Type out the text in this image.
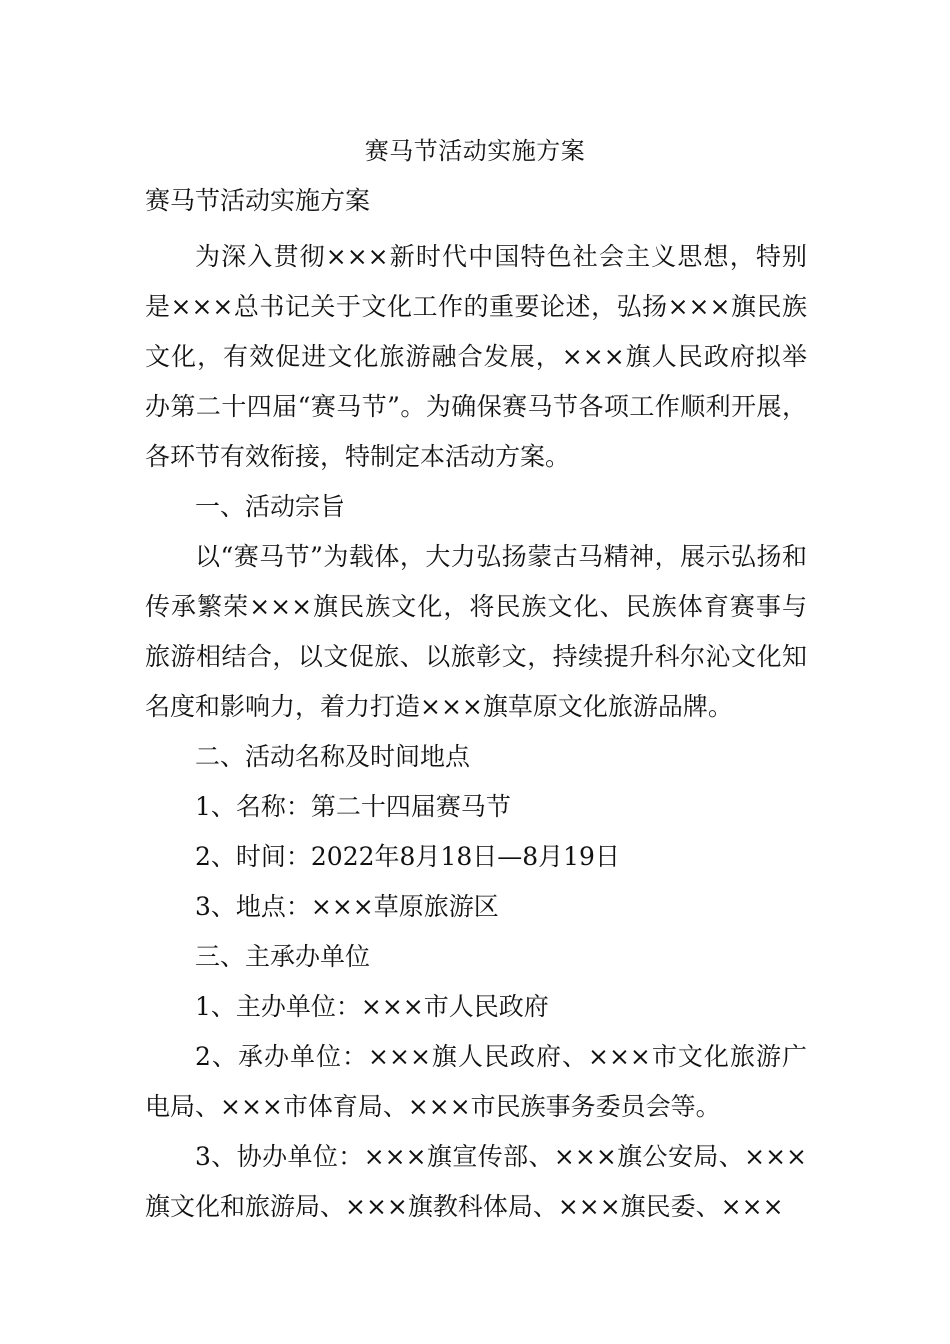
赛马节活动实施方案
赛马节活动实施方案

为深入贯彻×××新时代中国特色社会主义思想，特别是×××总书记关于文化工作的重要论述，弘扬×××旗民族文化，有效促进文化旅游融合发展，×××旗人民政府拟举办第二十四届“赛马节”。为确保赛马节各项工作顺利开展，各环节有效衔接，特制定本活动方案。

一、活动宗旨

以“赛马节”为载体，大力弘扬蒙古马精神，展示弘扬和传承繁荣×××旗民族文化，将民族文化、民族体育赛事与旅游相结合，以文促旅、以旅彰文，持续提升科尔沁文化知名度和影响力，着力打造×××旗草原文化旅游品牌。

二、活动名称及时间地点

1、名称：第二十四届赛马节

2、时间：2022年8月18日—8月19日

3、地点：×××草原旅游区

三、主承办单位

1、主办单位：×××市人民政府

2、承办单位：×××旗人民政府、×××市文化旅游广电局、×××市体育局、×××市民族事务委员会等。

3、协办单位：×××旗宣传部、×××旗公安局、×××旗文化和旅游局、×××旗教科体局、×××旗民委、×××
